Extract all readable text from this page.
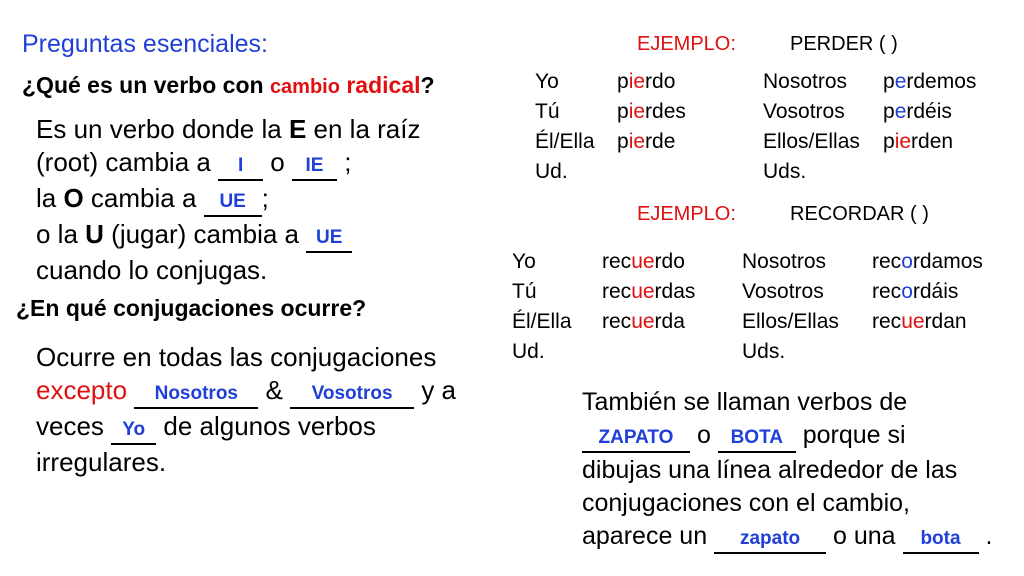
Preguntas esenciales:
¿Qué es un verbo con cambio radical?
Es un verbo donde la E en la raíz
(root) cambia a I o IE ;
la O cambia a UE ;
o la U (jugar) cambia a UE
cuando lo conjugas.
¿En qué conjugaciones ocurre?
Ocurre en todas las conjugaciones
excepto Nosotros & Vosotros y a
veces Yo de algunos verbos
irregulares.
EJEMPLO:	PERDER ( )
Yo	pierdo	Nosotros perdemos
Tú	pierdes	Vosotros perdéis
Él/Ella pierde	Ellos/Ellas pierden
Ud.	Uds.
EJEMPLO:	RECORDAR ( )
Yo	recuerdo	Nosotros recordamos
Tú	recuerdas Vosotros recordáis
Él/Ella recuerda	Ellos/Ellas recuerdan
Ud.	Uds.
También se llaman verbos de
ZAPATO o BOTA porque si
dibujas una línea alrededor de las
conjugaciones con el cambio,
aparece un zapato o una bota .
